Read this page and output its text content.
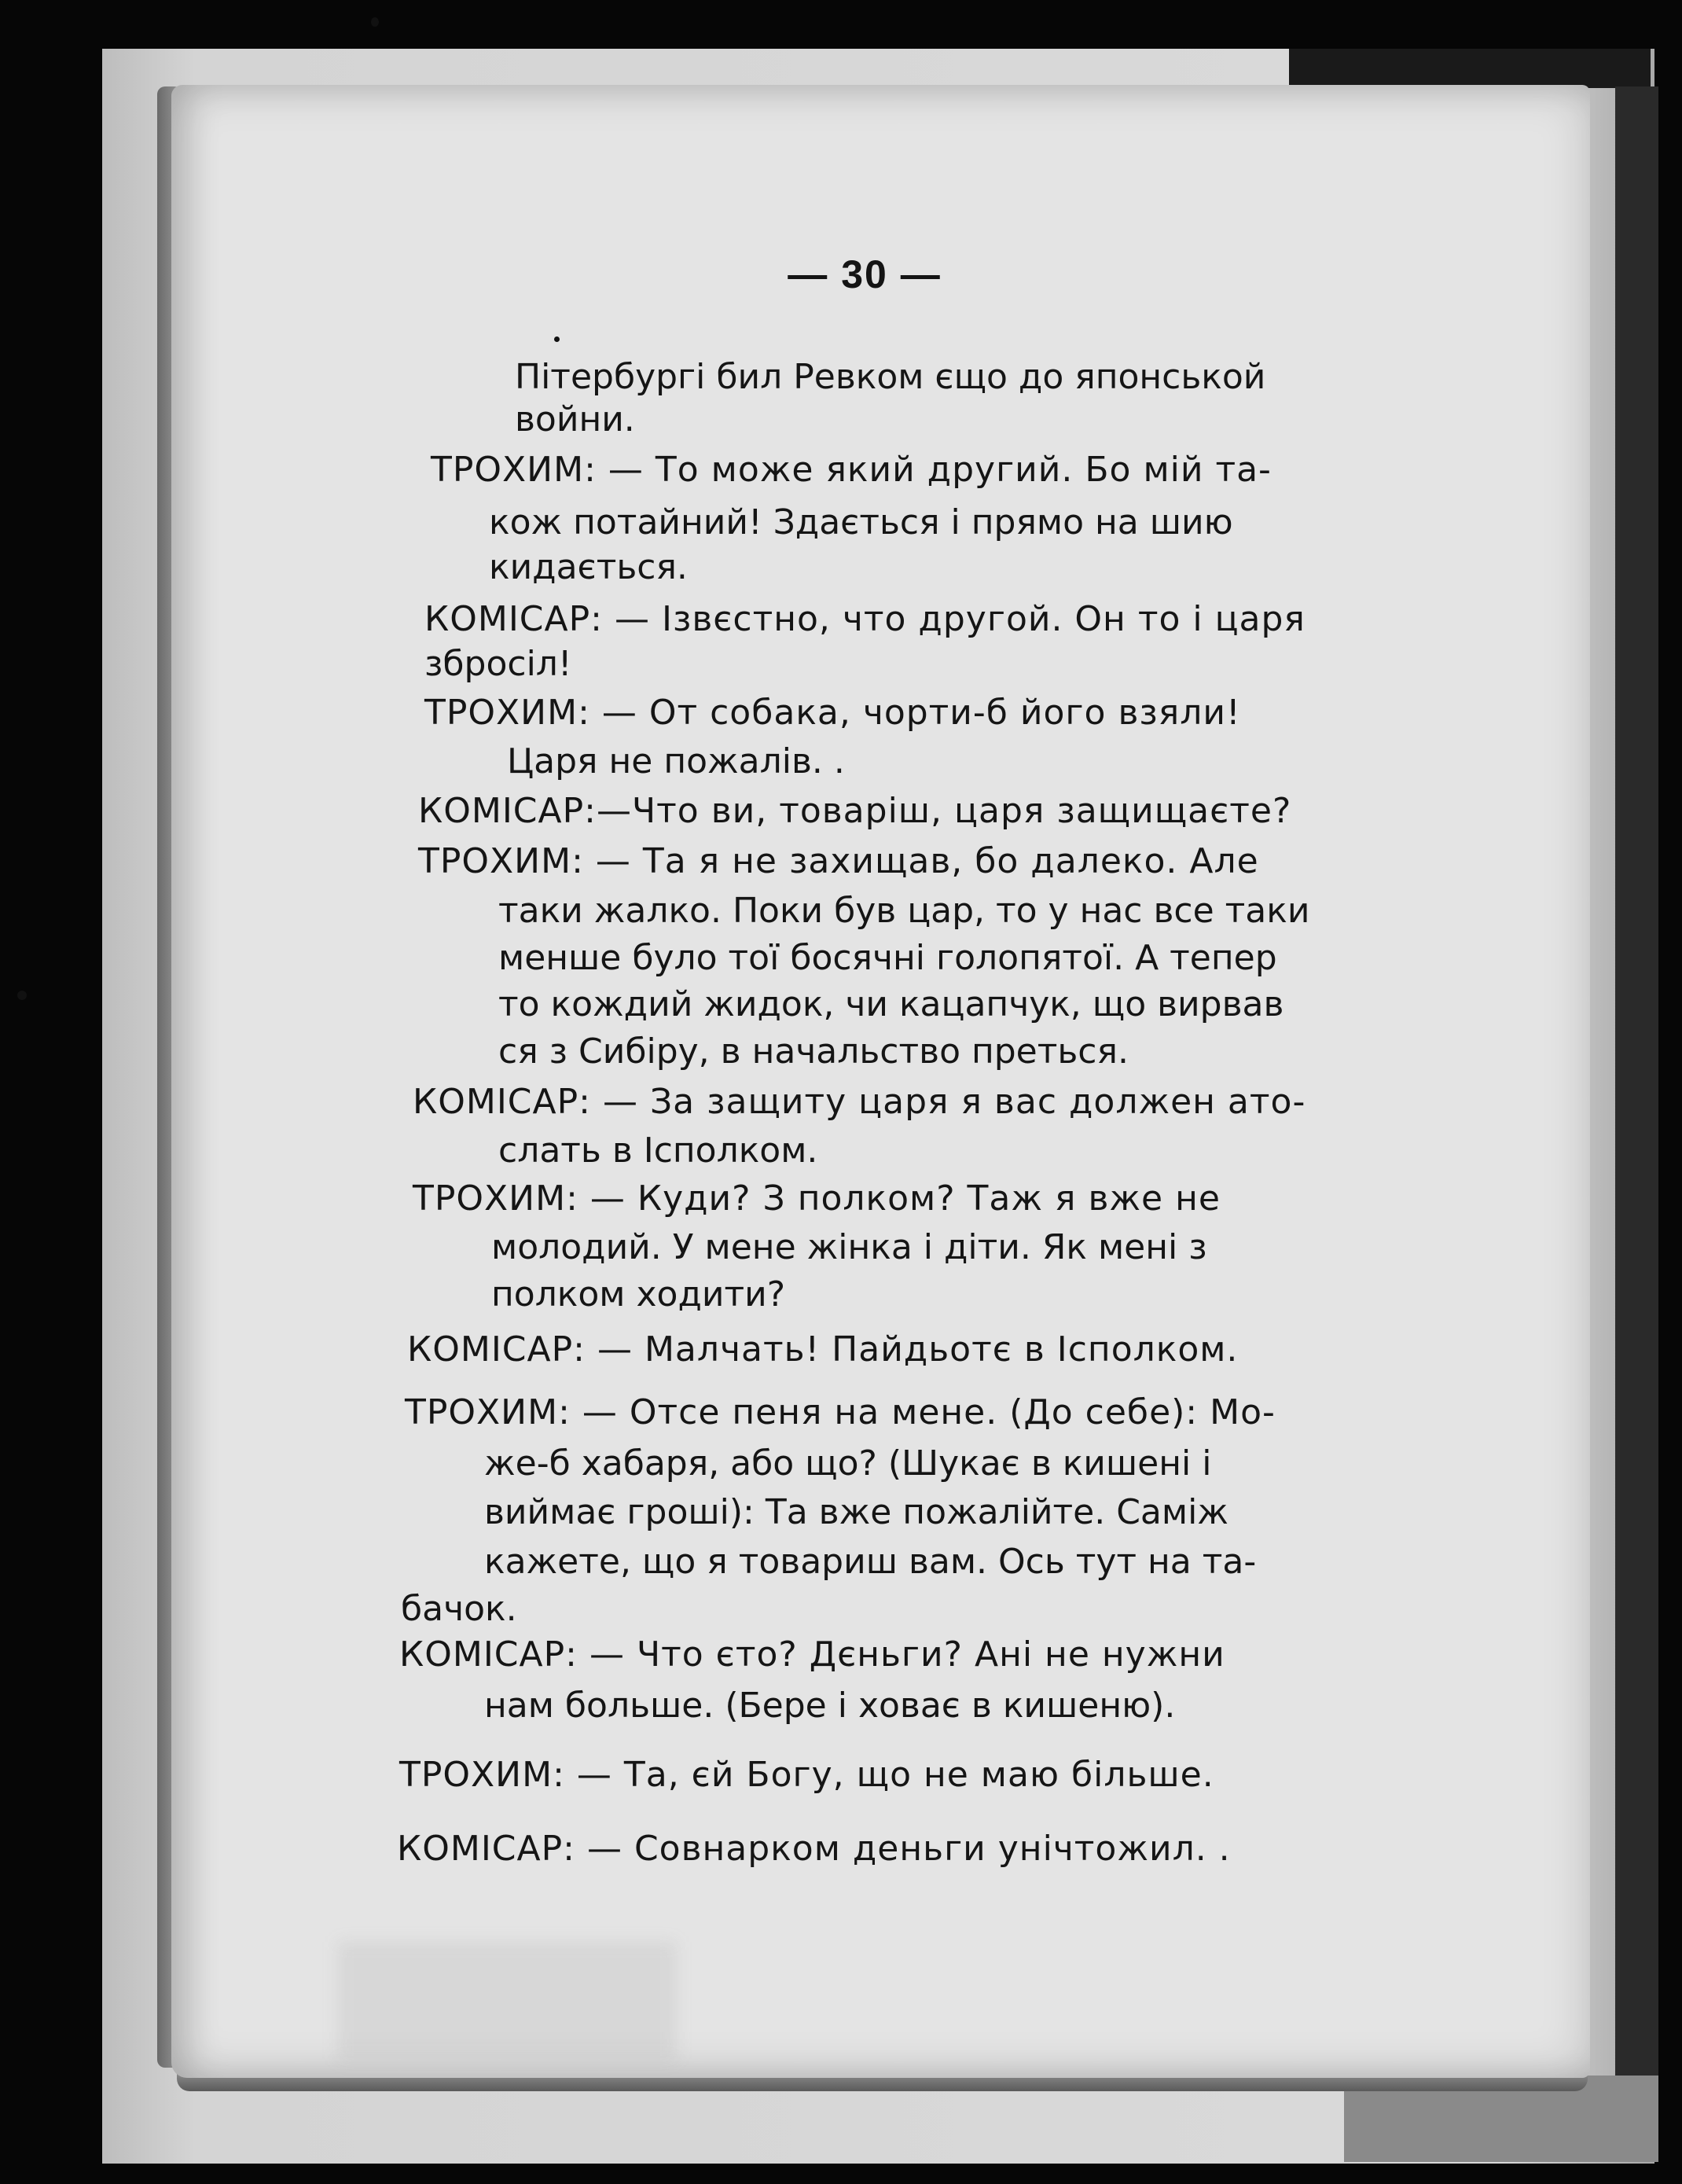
— 30 —
Пітербургі бил Ревком єщо до японськой
войни.
ТРОХИМ: — То може який другий. Бо мій та-
кож потайний! Здається і прямо на шию
кидається.
КОМІСАР: — Ізвєстно, что другой. Он то і царя
збросіл!
ТРОХИМ: — От собака, чорти-б його взяли!
Царя не пожалів. .
КОМІСАР:—Что ви, товаріш, царя защищаєте?
ТРОХИМ: — Та я не захищав, бо далеко. Але
таки жалко. Поки був цар, то у нас все таки
менше було тої босячні голопятої. А тепер
то кождий жидок, чи кацапчук, що вирвав
ся з Сибіру, в начальство преться.
КОМІСАР: — За защиту царя я вас должен ато-
слать в Ісполком.
ТРОХИМ: — Куди? З полком? Таж я вже не
молодий. У мене жінка і діти. Як мені з
полком ходити?
КОМІСАР: — Малчать! Пайдьотє в Ісполком.
ТРОХИМ: — Отсе пеня на мене. (До себе): Мо-
же-б хабаря, або що? (Шукає в кишені і
виймає гроші): Та вже пожалійте. Саміж
кажете, що я товариш вам. Ось тут на та-
бачок.
КОМІСАР: — Что єто? Дєньги? Ані не нужни
нам больше. (Бере і ховає в кишеню).
ТРОХИМ: — Та, єй Богу, що не маю більше.
КОМІСАР: — Совнарком деньги унічтожил. .
